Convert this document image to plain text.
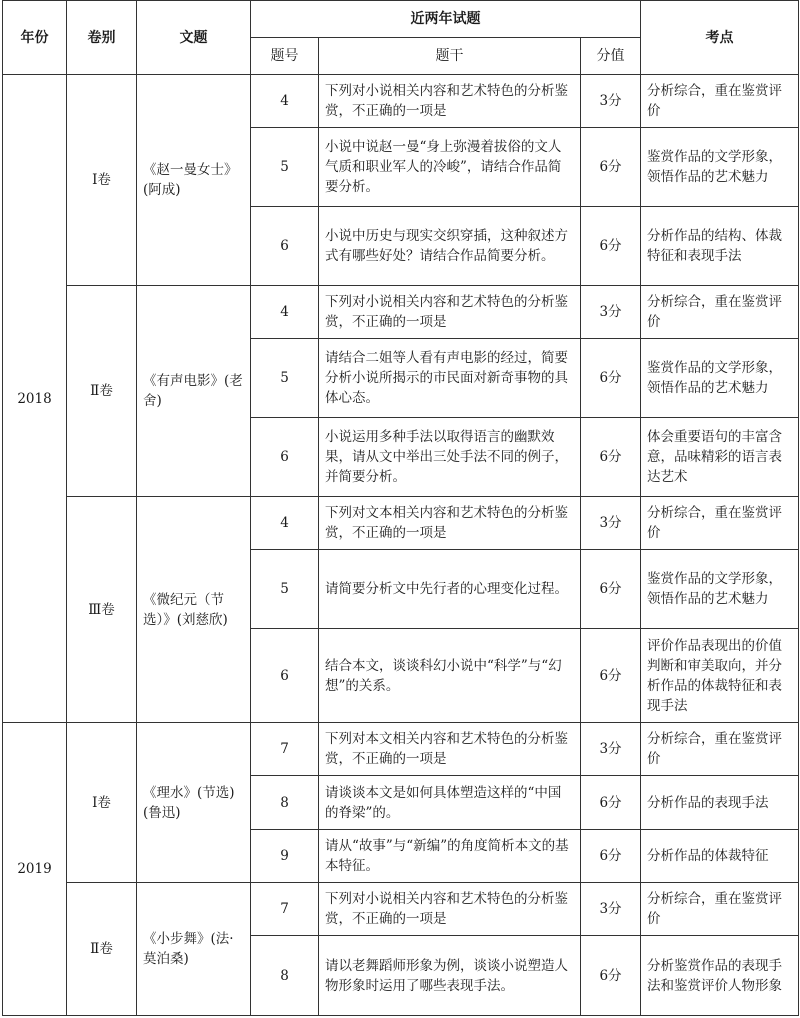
年份	卷别	文题	近两年试题			考点
			题号	题干	分值	
2018	Ⅰ卷	《赵一曼女士》(阿成)	4	下列对小说相关内容和艺术特色的分析鉴赏，不正确的一项是	3分	分析综合，重在鉴赏评价
			5	小说中说赵一曼“身上弥漫着拔俗的文人气质和职业军人的冷峻”，请结合作品简要分析。	6分	鉴赏作品的文学形象，领悟作品的艺术魅力
			6	小说中历史与现实交织穿插，这种叙述方式有哪些好处？请结合作品简要分析。	6分	分析作品的结构、体裁特征和表现手法
	Ⅱ卷	《有声电影》(老舍)	4	下列对小说相关内容和艺术特色的分析鉴赏，不正确的一项是	3分	分析综合，重在鉴赏评价
			5	请结合二姐等人看有声电影的经过，简要分析小说所揭示的市民面对新奇事物的具体心态。	6分	鉴赏作品的文学形象，领悟作品的艺术魅力
			6	小说运用多种手法以取得语言的幽默效果，请从文中举出三处手法不同的例子，并简要分析。	6分	体会重要语句的丰富含意，品味精彩的语言表达艺术
	Ⅲ卷	《微纪元（节选）》(刘慈欣)	4	下列对文本相关内容和艺术特色的分析鉴赏，不正确的一项是	3分	分析综合，重在鉴赏评价
			5	请简要分析文中先行者的心理变化过程。	6分	鉴赏作品的文学形象，领悟作品的艺术魅力
			6	结合本文，谈谈科幻小说中“科学”与“幻想”的关系。	6分	评价作品表现出的价值判断和审美取向，并分析作品的体裁特征和表现手法
2019	Ⅰ卷	《理水》(节选)(鲁迅)	7	下列对本文相关内容和艺术特色的分析鉴赏，不正确的一项是	3分	分析综合，重在鉴赏评价
			8	请谈谈本文是如何具体塑造这样的“中国的脊梁”的。	6分	分析作品的表现手法
			9	请从“故事”与“新编”的角度简析本文的基本特征。	6分	分析作品的体裁特征
	Ⅱ卷	《小步舞》(法·莫泊桑)	7	下列对小说相关内容和艺术特色的分析鉴赏，不正确的一项是	3分	分析综合，重在鉴赏评价
			8	请以老舞蹈师形象为例，谈谈小说塑造人物形象时运用了哪些表现手法。	6分	分析鉴赏作品的表现手法和鉴赏评价人物形象
